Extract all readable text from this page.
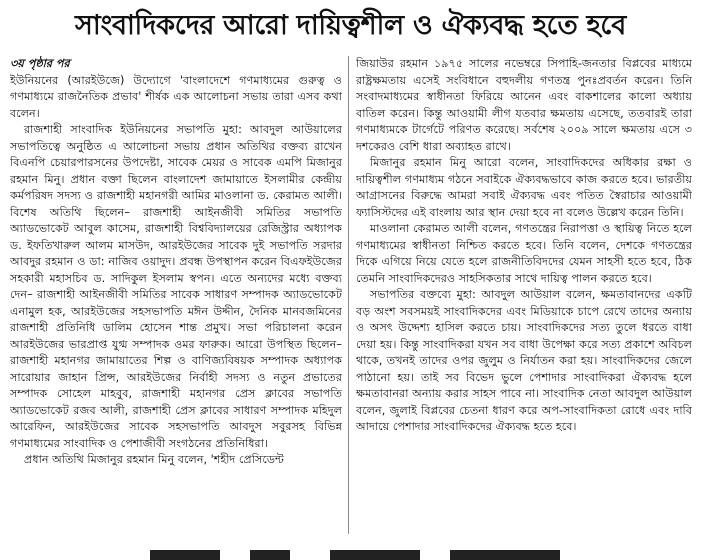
সাংবাদিকদের আরো দায়িত্বশীল ও ঐক্যবদ্ধ হতে হবে
৩য় পৃষ্ঠার পর

ইউনিয়নের (আরইউজে) উদ্যোগে 'বাংলাদেশে গণমাধ্যমের গুরুত্ব ও গণমাধ্যমে রাজনৈতিক প্রভাব' শীর্ষক এক আলোচনা সভায় তারা এসব কথা বলেন।

রাজশাহী সাংবাদিক ইউনিয়নের সভাপতি মুহা: আবদুল আউয়ালের সভাপতিত্বে অনুষ্ঠিত এ আলোচনা সভায় প্রধান অতিথির বক্তব্য রাখেন বিএনপি চেয়ারপারসনের উপদেষ্টা, সাবেক মেয়র ও সাবেক এমপি মিজানুর রহমান মিনু। প্রধান বক্তা ছিলেন বাংলাদেশ জামায়াতে ইসলামীর কেন্দ্রীয় কর্মপরিষদ সদস্য ও রাজশাহী মহানগরী আমির মাওলানা ড. কেরামত আলী। বিশেষ অতিথি ছিলেন– রাজশাহী আইনজীবী সমিতির সভাপতি অ্যাডভোকেট আবুল কাসেম, রাজশাহী বিশ্ববিদ্যালয়ের রেজিস্ট্রার অধ্যাপক ড. ইফতিখারুল আলম মাসউদ, আরইউজের সাবেক দুই সভাপতি সরদার আবদুর রহমান ও ডা: নাজিব ওয়াদুদ। প্রবন্ধ উপস্থাপন করেন বিএফইউজের সহকারী মহাসচিব ড. সাদিকুল ইসলাম স্বপন। এতে অন্যদের মধ্যে বক্তব্য দেন– রাজশাহী আইনজীবী সমিতির সাবেক সাধারণ সম্পাদক অ্যাডভোকেট এনামুল হক, আরইউজের সহসভাপতি মঈন উদ্দীন, দৈনিক মানবজমিনের রাজশাহী প্রতিনিধি ডালিম হোসেন শান্ত প্রমুখ। সভা পরিচালনা করেন আরইউজের ভারপ্রাপ্ত যুগ্ম সম্পাদক ওমর ফারুক। আরো উপস্থিত ছিলেন– রাজশাহী মহানগর জামায়াতের শিল্প ও বাণিজ্যবিষয়ক সম্পাদক অধ্যাপক সারোয়ার জাহান প্রিন্স, আরইউজের নির্বাহী সদস্য ও নতুন প্রভাতের সম্পাদক সোহেল মাহবুব, রাজশাহী মহানগর প্রেস ক্লাবের সভাপতি অ্যাডভোকেট রজব আলী, রাজশাহী প্রেস ক্লাবের সাধারণ সম্পাদক মহিদুল আরেফিন, আরইউজের সাবেক সহসভাপতি আবদুস সবুরসহ বিভিন্ন গণমাধ্যমের সাংবাদিক ও পেশাজীবী সংগঠনের প্রতিনিধিরা।

প্রধান অতিথি মিজানুর রহমান মিনু বলেন, 'শহীদ প্রেসিডেন্ট

জিয়াউর রহমান ১৯৭৫ সালের নভেম্বরে সিপাহি-জনতার বিপ্লবের মাধ্যমে রাষ্ট্রক্ষমতায় এসেই সংবিধানে বহুদলীয় গণতন্ত্র পুনঃপ্রবর্তন করেন। তিনি সংবাদমাধ্যমের স্বাধীনতা ফিরিয়ে আনেন এবং বাকশালের কালো অধ্যায় বাতিল করেন। কিন্তু আওয়ামী লীগ যতবার ক্ষমতায় এসেছে, ততবারই তারা গণমাধ্যমকে টার্গেটে পরিণত করেছে। সর্বশেষ ২০০৯ সালে ক্ষমতায় এসে ৩ দশকেরও বেশি ধারা অব্যাহত রাখে।

মিজানুর রহমান মিনু আরো বলেন, সাংবাদিকদের অধিকার রক্ষা ও দায়িত্বশীল গণমাধ্যম গঠনে সবাইকে ঐক্যবদ্ধভাবে কাজ করতে হবে। ভারতীয় আগ্রাসনের বিরুদ্ধে আমরা সবাই ঐক্যবদ্ধ এবং পতিত স্বৈরাচার আওয়ামী ফ্যাসিস্টদের এই বাংলায় আর স্থান দেয়া হবে না বলেও উল্লেখ করেন তিনি।

মাওলানা কেরামত আলী বলেন, গণতন্ত্রের নিরাপত্তা ও স্থায়িত্ব নিতে হলে গণমাধ্যমের স্বাধীনতা নিশ্চিত করতে হবে। তিনি বলেন, দেশকে গণতন্ত্রের দিকে এগিয়ে নিয়ে যেতে হলে রাজনীতিবিদদের যেমন সাহসী হতে হবে, ঠিক তেমনি সাংবাদিকদেরও সাহসিকতার সাথে দায়িত্ব পালন করতে হবে।

সভাপতির বক্তব্যে মুহা: আবদুল আউয়াল বলেন, ক্ষমতাবানদের একটি বড় অংশ সবসময়ই সাংবাদিকদের এবং মিডিয়াকে চাপে রেখে তাদের অন্যায় ও অসৎ উদ্দেশ্য হাসিল করতে চায়। সাংবাদিকদের সত্য তুলে ধরতে বাধা দেয়া হয়। কিন্তু সাংবাদিকরা যখন সব বাধা উপেক্ষা করে সত্য প্রকাশে অবিচল থাকে, তখনই তাদের ওপর জুলুম ও নির্যাতন করা হয়। সাংবাদিকদের জেলে পাঠানো হয়। তাই সব বিভেদ ভুলে পেশাদার সাংবাদিকরা ঐক্যবদ্ধ হলে ক্ষমতাবানরা অন্যায় করার সাহস পাবে না। সাংবাদিক নেতা আবদুল আউয়াল বলেন, জুলাই বিপ্লবের চেতনা ধারণ করে অপ-সাংবাদিকতা রোধে এবং দাবি আদায়ে পেশাদার সাংবাদিকদের ঐক্যবদ্ধ হতে হবে।
